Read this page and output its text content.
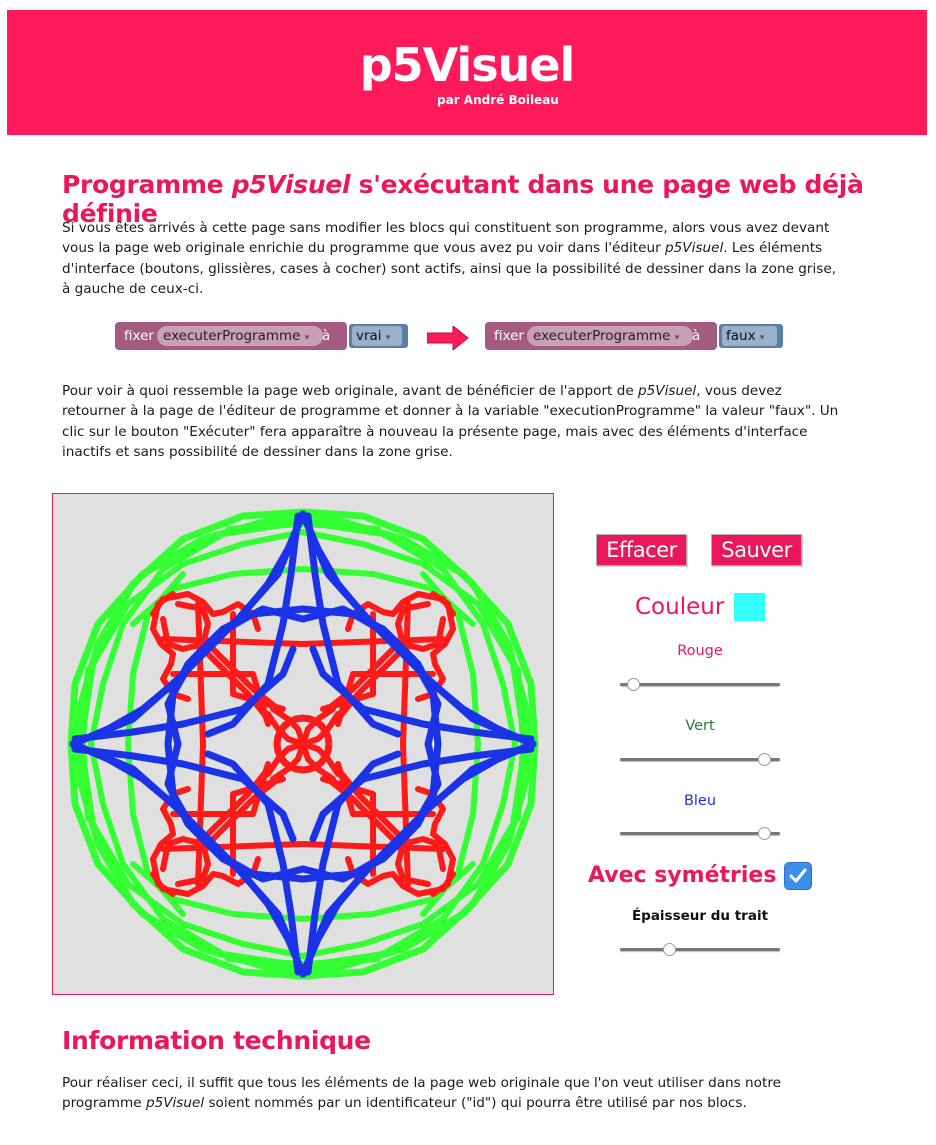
p5Visuel
par André Boileau
Programme p5Visuel s'exécutant dans une page web déjà définie

Si vous êtes arrivés à cette page sans modifier les blocs qui constituent son programme, alors vous avez devant vous la page web originale enrichie du programme que vous avez pu voir dans l'éditeur p5Visuel. Les éléments d'interface (boutons, glissières, cases à cocher) sont actifs, ainsi que la possibilité de dessiner dans la zone grise, à gauche de ceux-ci.

fixer executerProgramme ▾ à vrai ▾	fixer executerProgramme ▾ à faux ▾

Pour voir à quoi ressemble la page web originale, avant de bénéficier de l'apport de p5Visuel, vous devez retourner à la page de l'éditeur de programme et donner à la variable "executionProgramme" la valeur "faux". Un clic sur le bouton "Exécuter" fera apparaître à nouveau la présente page, mais avec des éléments d'interface inactifs et sans possibilité de dessiner dans la zone grise.

Effacer	Sauver
Couleur
Rouge
Vert
Bleu
Avec symétries
Épaisseur du trait
Information technique

Pour réaliser ceci, il suffit que tous les éléments de la page web originale que l'on veut utiliser dans notre programme p5Visuel soient nommés par un identificateur ("id") qui pourra être utilisé par nos blocs.
